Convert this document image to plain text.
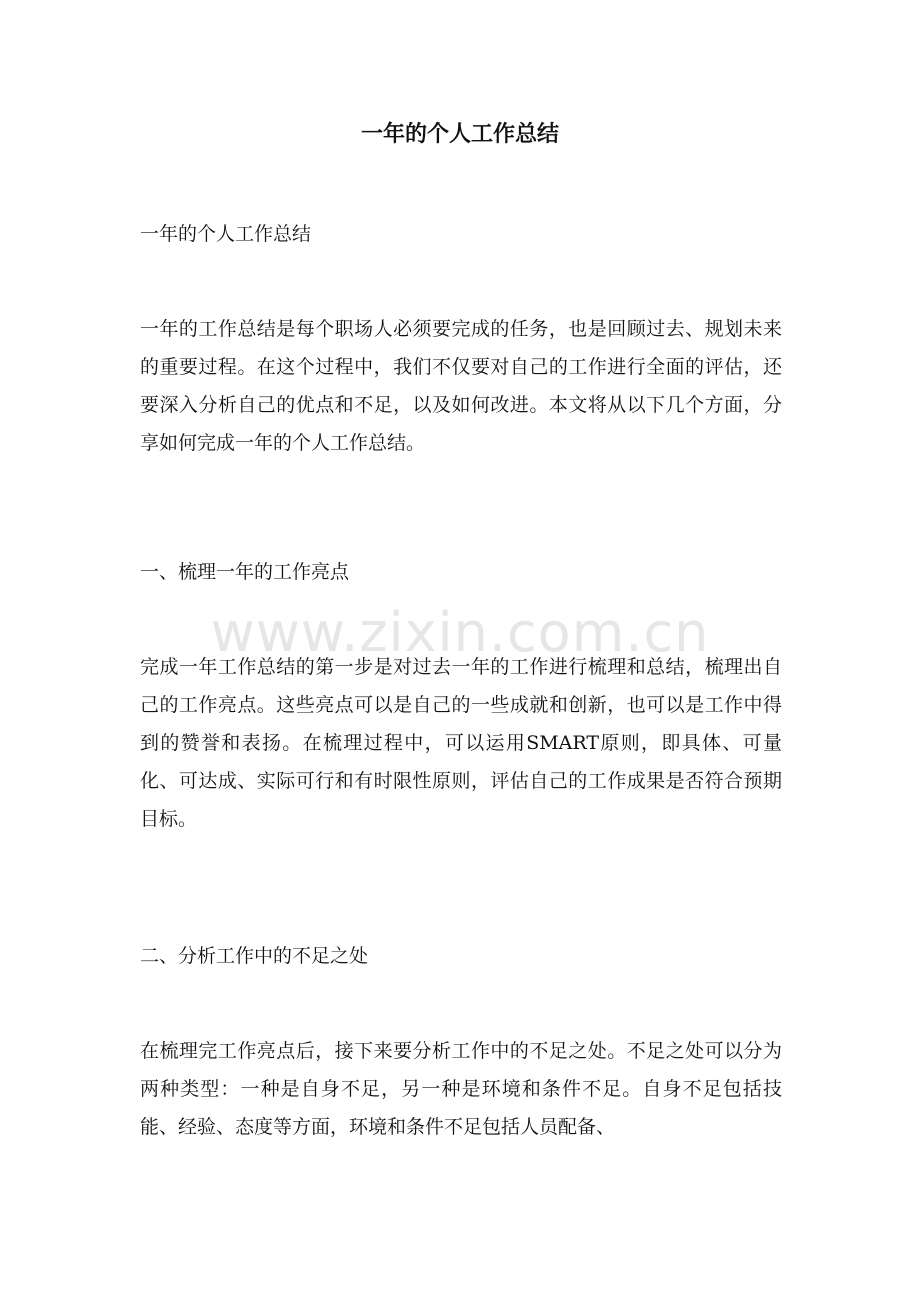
www.zixin.com.cn
一年的个人工作总结

一年的个人工作总结

一年的工作总结是每个职场人必须要完成的任务，也是回顾过去、规划未来的重要过程。在这个过程中，我们不仅要对自己的工作进行全面的评估，还要深入分析自己的优点和不足，以及如何改进。本文将从以下几个方面，分享如何完成一年的个人工作总结。

一、梳理一年的工作亮点

完成一年工作总结的第一步是对过去一年的工作进行梳理和总结，梳理出自己的工作亮点。这些亮点可以是自己的一些成就和创新，也可以是工作中得到的赞誉和表扬。在梳理过程中，可以运用SMART原则，即具体、可量化、可达成、实际可行和有时限性原则，评估自己的工作成果是否符合预期目标。

二、分析工作中的不足之处

在梳理完工作亮点后，接下来要分析工作中的不足之处。不足之处可以分为两种类型：一种是自身不足，另一种是环境和条件不足。自身不足包括技能、经验、态度等方面，环境和条件不足包括人员配备、
